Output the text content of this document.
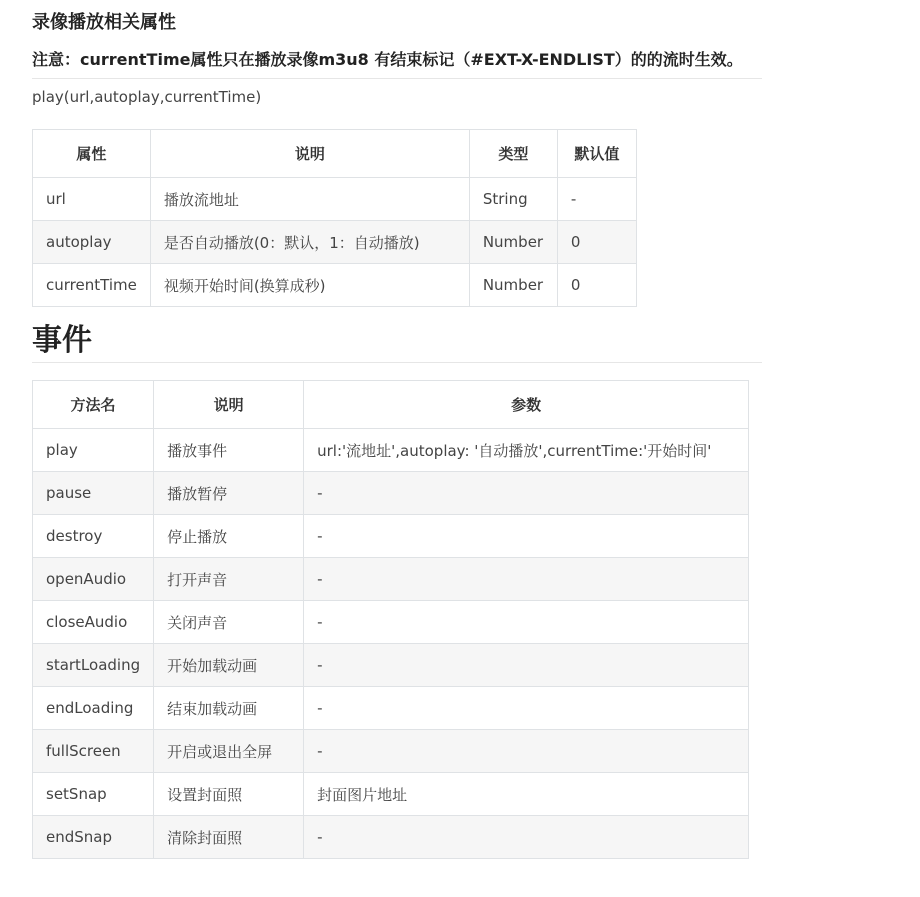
录像播放相关属性

注意：currentTime属性只在播放录像m3u8 有结束标记（#EXT-X-ENDLIST）的的流时生效。

play(url,autoplay,currentTime)

属性	说明	类型	默认值
url	播放流地址	String	-
autoplay	是否自动播放(0：默认，1：自动播放)	Number	0
currentTime	视频开始时间(换算成秒)	Number	0
事件
方法名	说明	参数
play	播放事件	url:'流地址',autoplay: '自动播放',currentTime:'开始时间'
pause	播放暂停	-
destroy	停止播放	-
openAudio	打开声音	-
closeAudio	关闭声音	-
startLoading	开始加载动画	-
endLoading	结束加载动画	-
fullScreen	开启或退出全屏	-
setSnap	设置封面照	封面图片地址
endSnap	清除封面照	-
